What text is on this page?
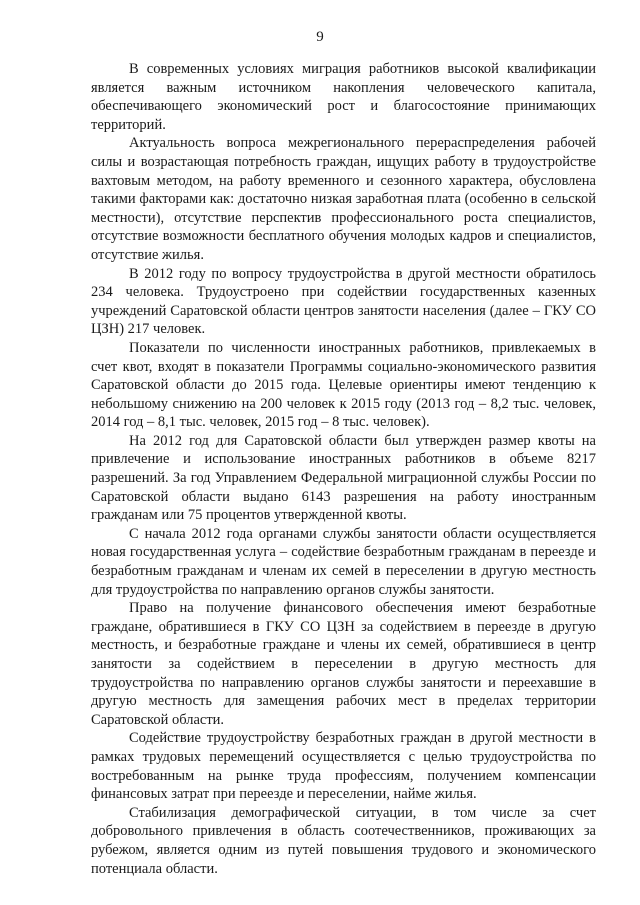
9

В современных условиях миграция работников высокой квалификации является важным источником накопления человеческого капитала, обеспечивающего экономический рост и благосостояние принимающих территорий.

Актуальность вопроса межрегионального перераспределения рабочей силы и возрастающая потребность граждан, ищущих работу в трудоустройстве вахтовым методом, на работу временного и сезонного характера, обусловлена такими факторами как: достаточно низкая заработная плата (особенно в сельской местности), отсутствие перспектив профессионального роста специалистов, отсутствие возможности бесплатного обучения молодых кадров и специалистов, отсутствие жилья.

В 2012 году по вопросу трудоустройства в другой местности обратилось 234 человека. Трудоустроено при содействии государственных казенных учреждений Саратовской области центров занятости населения (далее – ГКУ СО ЦЗН) 217 человек.

Показатели по численности иностранных работников, привлекаемых в счет квот, входят в показатели Программы социально-экономического развития Саратовской области до 2015 года. Целевые ориентиры имеют тенденцию к небольшому снижению на 200 человек к 2015 году (2013 год – 8,2 тыс. человек, 2014 год – 8,1 тыс. человек, 2015 год – 8 тыс. человек).

На 2012 год для Саратовской области был утвержден размер квоты на привлечение и использование иностранных работников в объеме 8217 разрешений. За год Управлением Федеральной миграционной службы России по Саратовской области выдано 6143 разрешения на работу иностранным гражданам или 75 процентов утвержденной квоты.

С начала 2012 года органами службы занятости области осуществляется новая государственная услуга – содействие безработным гражданам в переезде и безработным гражданам и членам их семей в переселении в другую местность для трудоустройства по направлению органов службы занятости.

Право на получение финансового обеспечения имеют безработные граждане, обратившиеся в ГКУ СО ЦЗН за содействием в переезде в другую местность, и безработные граждане и члены их семей, обратившиеся в центр занятости за содействием в переселении в другую местность для трудоустройства по направлению органов службы занятости и переехавшие в другую местность для замещения рабочих мест в пределах территории Саратовской области.

Содействие трудоустройству безработных граждан в другой местности в рамках трудовых перемещений осуществляется с целью трудоустройства по востребованным на рынке труда профессиям, получением компенсации финансовых затрат при переезде и переселении, найме жилья.

Стабилизация демографической ситуации, в том числе за счет добровольного привлечения в область соотечественников, проживающих за рубежом, является одним из путей повышения трудового и экономического потенциала области.
